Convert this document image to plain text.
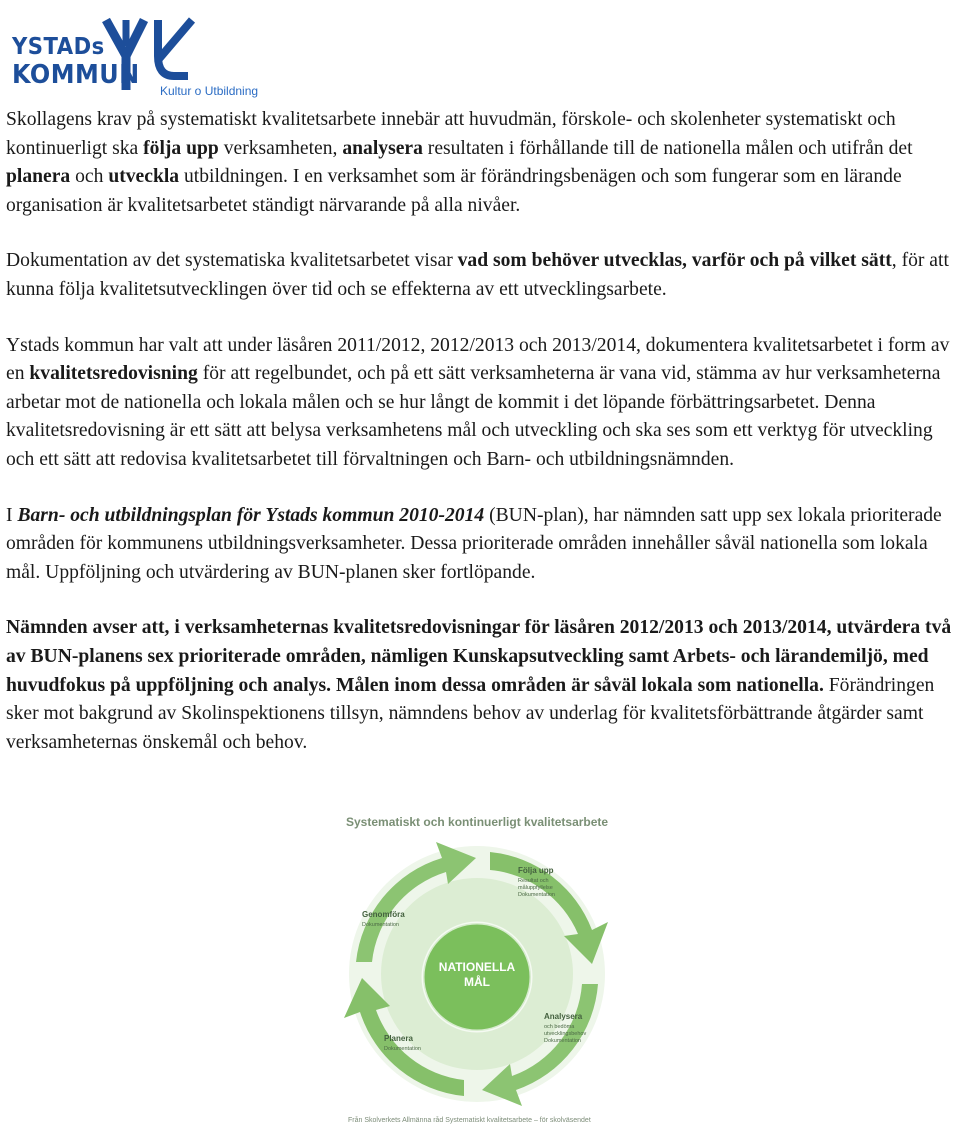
YSTADs
KOMMUN
Kultur o Utbildning

Skollagens krav på systematiskt kvalitetsarbete innebär att huvudmän, förskole- och skolenheter systematiskt och kontinuerligt ska följa upp verksamheten, analysera resultaten i förhållande till de nationella målen och utifrån det planera och utveckla utbildningen. I en verksamhet som är förändringsbenägen och som fungerar som en lärande organisation är kvalitetsarbetet ständigt närvarande på alla nivåer.

Dokumentation av det systematiska kvalitetsarbetet visar vad som behöver utvecklas, varför och på vilket sätt, för att kunna följa kvalitetsutvecklingen över tid och se effekterna av ett utvecklingsarbete.

Ystads kommun har valt att under läsåren 2011/2012, 2012/2013 och 2013/2014, dokumentera kvalitetsarbetet i form av en kvalitetsredovisning för att regelbundet, och på ett sätt verksamheterna är vana vid, stämma av hur verksamheterna arbetar mot de nationella och lokala målen och se hur långt de kommit i det löpande förbättringsarbetet. Denna kvalitetsredovisning är ett sätt att belysa verksamhetens mål och utveckling och ska ses som ett verktyg för utveckling och ett sätt att redovisa kvalitetsarbetet till förvaltningen och Barn- och utbildningsnämnden.

I Barn- och utbildningsplan för Ystads kommun 2010-2014 (BUN-plan), har nämnden satt upp sex lokala prioriterade områden för kommunens utbildningsverksamheter. Dessa prioriterade områden innehåller såväl nationella som lokala mål. Uppföljning och utvärdering av BUN-planen sker fortlöpande.

Nämnden avser att, i verksamheternas kvalitetsredovisningar för läsåren 2012/2013 och 2013/2014, utvärdera två av BUN-planens sex prioriterade områden, nämligen Kunskapsutveckling samt Arbets- och lärandemiljö, med huvudfokus på uppföljning och analys. Målen inom dessa områden är såväl lokala som nationella. Förändringen sker mot bakgrund av Skolinspektionens tillsyn, nämndens behov av underlag för kvalitetsförbättrande åtgärder samt verksamheternas önskemål och behov.

Systematiskt och kontinuerligt kvalitetsarbete
NATIONELLA
MÅL
Följa upp
Resultat och
måluppfyllelse
Dokumentation
Analysera
och bedöma
utvecklingsbehov
Dokumentation
Planera
Dokumentation
Genomföra
Dokumentation
Från Skolverkets Allmänna råd Systematiskt kvalitetsarbete – för skolväsendet
